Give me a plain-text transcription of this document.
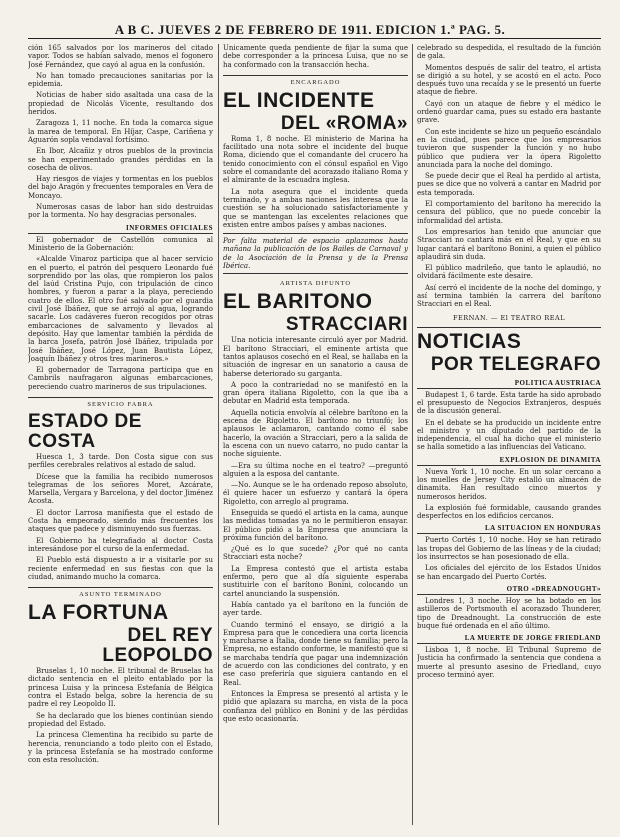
A B C. JUEVES 2 DE FEBRERO DE 1911. EDICION 1.ª PAG. 5.

ción 165 salvados por los marineros del citado vapor. Todos se habían salvado, menos el fogonero José Fernández, que cayó al agua en la confusión.

No han tomado precauciones sanitarias por la epidemia.

Noticias de haber sido asaltada una casa de la propiedad de Nicolás Vicente, resultando dos heridos.

Zaragoza 1, 11 noche. En toda la comarca sigue la marea de temporal. En Híjar, Caspe, Cariñena y Aguarón sopla vendaval fortísimo.

En Ibor, Alcañiz y otros pueblos de la provincia se han experimentado grandes pérdidas en la cosecha de olivos.

Hay riesgos de viajes y tormentas en los pueblos del bajo Aragón y frecuentes temporales en Vera de Moncayo.

Numerosas casas de labor han sido destruidas por la tormenta. No hay desgracias personales.

INFORMES OFICIALES

El gobernador de Castellón comunica al Ministerio de la Gobernación:

«Alcalde Vinaroz participa que al hacer servicio en el puerto, el patrón del pesquero Leonardo fué sorprendido por las olas, que rompieron los palos del laúd Cristina Pujo, con tripulación de cinco hombres, y fueron a parar a la playa, pereciendo cuatro de ellos. El otro fué salvado por el guardia civil José Ibáñez, que se arrojó al agua, logrando sacarle. Los cadáveres fueron recogidos por otras embarcaciones de salvamento y llevados al depósito. Hay que lamentar también la pérdida de la barca Josefa, patrón José Ibáñez, tripulada por José Ibáñez, José López, Juan Bautista López, Joaquín Ibáñez y otros tres marineros.»

El gobernador de Tarragona participa que en Cambrils naufragaron algunas embarcaciones, pereciendo cuatro marineros de sus tripulaciones.

SERVICIO FABRA
ESTADO DE COSTA

Huesca 1, 3 tarde. Don Costa sigue con sus perfiles cerebrales relativos al estado de salud.

Dícese que la familia ha recibido numerosos telegramas de los señores Moret, Azcárate, Marsella, Vergara y Barcelona, y del doctor Jiménez Acosta.

El doctor Larrosa manifiesta que el estado de Costa ha empeorado, siendo más frecuentes los ataques que padece y disminuyendo sus fuerzas.

El Gobierno ha telegrafiado al doctor Costa interesándose por el curso de la enfermedad.

El Pueblo está dispuesto a ir a visitarle por su reciente enfermedad en sus fiestas con que la ciudad, animando mucho la comarca.

ASUNTO TERMINADO
LA FORTUNA
DEL REY LEOPOLDO

Bruselas 1, 10 noche. El tribunal de Bruselas ha dictado sentencia en el pleito entablado por la princesa Luisa y la princesa Estefanía de Bélgica contra el Estado belga, sobre la herencia de su padre el rey Leopoldo II.

Se ha declarado que los bienes continúan siendo propiedad del Estado.

La princesa Clementina ha recibido su parte de herencia, renunciando a todo pleito con el Estado, y la princesa Estefanía se ha mostrado conforme con esta resolución.

Únicamente queda pendiente de fijar la suma que debe corresponder a la princesa Luisa, que no se ha conformado con la transacción hecha.

ENCARGADO
EL INCIDENTE
DEL «ROMA»

Roma 1, 8 noche. El ministerio de Marina ha facilitado una nota sobre el incidente del buque Roma, diciendo que el comandante del crucero ha tenido conocimiento con el cónsul español en Vigo sobre el comandante del acorazado italiano Roma y el almirante de la escuadra inglesa.

La nota asegura que el incidente queda terminado, y a ambas naciones les interesa que la cuestión se ha solucionado satisfactoriamente y que se mantengan las excelentes relaciones que existen entre ambos países y ambas naciones.

Por falta material de espacio aplazamos hasta mañana la publicación de los Bailes de Carnaval y de la Asociación de la Prensa y de la Prensa Ibérica.
ARTISTA DIFUNTO
EL BARITONO
STRACCIARI

Una noticia interesante circuló ayer por Madrid. El barítono Stracciari, el eminente artista que tantos aplausos cosechó en el Real, se hallaba en la situación de ingresar en un sanatorio a causa de haberse deteriorado su garganta.

A poco la contrariedad no se manifestó en la gran ópera italiana Rigoletto, con la que iba a debutar en Madrid esta temporada.

Aquella noticia envolvía al célebre barítono en la escena de Rigoletto. El barítono no triunfó; los aplausos le aclamaron, cantando como él sabe hacerlo, la ovación a Stracciari, pero a la salida de la escena con un nuevo catarro, no pudo cantar la noche siguiente.

—Era su última noche en el teatro? —preguntó alguien a la esposa del cantante.

—No. Aunque se le ha ordenado reposo absoluto, él quiere hacer un esfuerzo y cantará la ópera Rigoletto, con arreglo al programa.

Enseguida se quedó el artista en la cama, aunque las medidas tomadas ya no le permitieron ensayar. El público pidió a la Empresa que anunciara la próxima función del barítono.

¿Qué es lo que sucede? ¿Por qué no canta Stracciari esta noche?

La Empresa contestó que el artista estaba enfermo, pero que al día siguiente esperaba sustituirle con el barítono Bonini, colocando un cartel anunciando la suspensión.

Había cantado ya el barítono en la función de ayer tarde.

Cuando terminó el ensayo, se dirigió a la Empresa para que le concediera una corta licencia y marcharse a Italia, donde tiene su familia; pero la Empresa, no estando conforme, le manifestó que si se marchaba tendría que pagar una indemnización de acuerdo con las condiciones del contrato, y en ese caso preferiría que siguiera cantando en el Real.

Entonces la Empresa se presentó al artista y le pidió que aplazara su marcha, en vista de la poca confianza del público en Bonini y de las pérdidas que esto ocasionaría.

celebrado su despedida, el resultado de la función de gala.

Momentos después de salir del teatro, el artista se dirigió a su hotel, y se acostó en el acto. Poco después tuvo una recaída y se le presentó un fuerte ataque de fiebre.

Cayó con un ataque de fiebre y el médico le ordenó guardar cama, pues su estado era bastante grave.

Con este incidente se hizo un pequeño escándalo en la ciudad, pues parece que los empresarios tuvieron que suspender la función y no hubo público que pudiera ver la ópera Rigoletto anunciada para la noche del domingo.

Se puede decir que el Real ha perdido al artista, pues se dice que no volverá a cantar en Madrid por esta temporada.

El comportamiento del barítono ha merecido la censura del público, que no puede concebir la informalidad del artista.

Los empresarios han tenido que anunciar que Stracciari no cantará más en el Real, y que en su lugar cantará el barítono Bonini, a quien el público aplaudirá sin duda.

El público madrileño, que tanto le aplaudió, no olvidará fácilmente este desaire.

Así cerró el incidente de la noche del domingo, y así termina también la carrera del barítono Stracciari en el Real.

FERNAN. — El TEATRO REAL
NOTICIAS
POR TELEGRAFO
POLITICA AUSTRIACA

Budapest 1, 6 tarde. Esta tarde ha sido aprobado el presupuesto de Negocios Extranjeros, después de la discusión general.

En el debate se ha producido un incidente entre el ministro y un diputado del partido de la independencia, el cual ha dicho que el ministerio se halla sometido a las influencias del Vaticano.

EXPLOSION DE DINAMITA

Nueva York 1, 10 noche. En un solar cercano a los muelles de Jersey City estalló un almacén de dinamita. Han resultado cinco muertos y numerosos heridos.

La explosión fué formidable, causando grandes desperfectos en los edificios cercanos.

LA SITUACION EN HONDURAS

Puerto Cortés 1, 10 noche. Hoy se han retirado las tropas del Gobierno de las líneas y de la ciudad; los insurrectos se han posesionado de ella.

Los oficiales del ejército de los Estados Unidos se han encargado del Puerto Cortés.

OTRO «DREADNOUGHT»

Londres 1, 3 noche. Hoy se ha botado en los astilleros de Portsmouth el acorazado Thunderer, tipo de Dreadnought. La construcción de este buque fué ordenada en el año último.

LA MUERTE DE JORGE FRIEDLAND

Lisboa 1, 8 noche. El Tribunal Supremo de Justicia ha confirmado la sentencia que condena a muerte al presunto asesino de Friedland, cuyo proceso terminó ayer.
